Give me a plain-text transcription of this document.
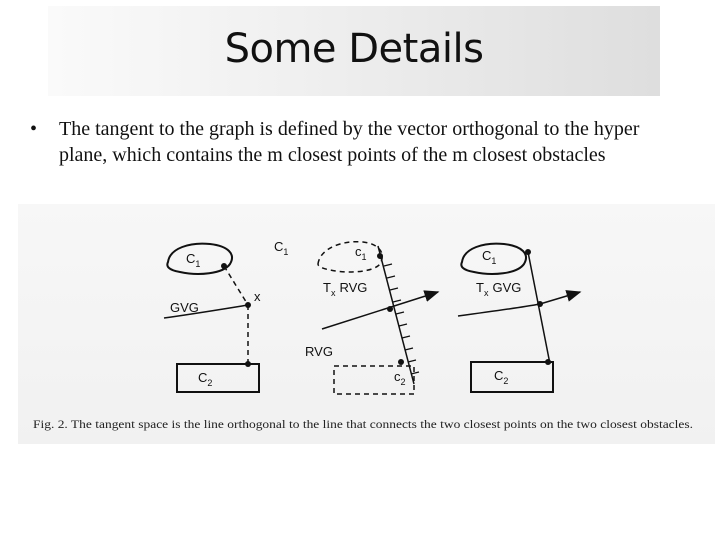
Some Details
• The tangent to the graph is defined by the vector orthogonal to the hyper plane, which contains the m closest points of the m closest obstacles
$C_1$
$C_1$
x
GVG
$C_2$
$c_1$
$T_x$ RVG
RVG
$c_2$
$C_1$
$T_x$ GVG
$C_2$
Fig. 2. The tangent space is the line orthogonal to the line that connects the two closest points on the two closest obstacles.
